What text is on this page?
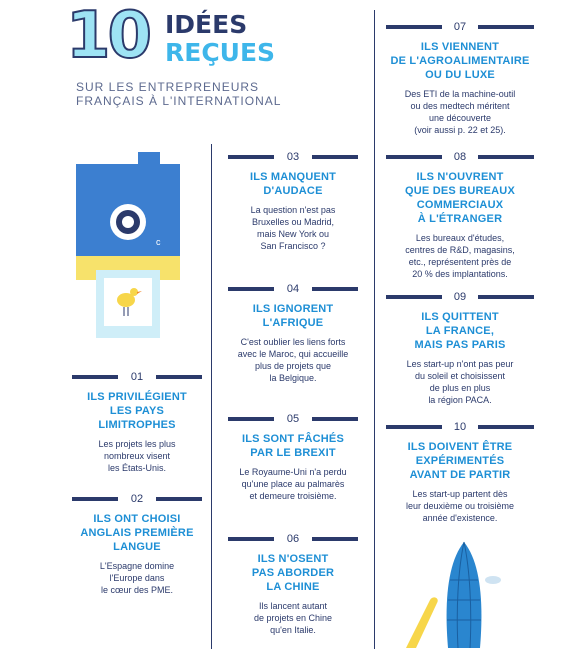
10 IDÉES
REÇUES
SUR LES ENTREPRENEURS
FRANÇAIS À L'INTERNATIONAL
c
01
ILS PRIVILÉGIENT
LES PAYS
LIMITROPHES
Les projets les plus
nombreux visent
les États-Unis.
02
ILS ONT CHOISI
ANGLAIS PREMIÈRE
LANGUE
L'Espagne domine
l'Europe dans
le cœur des PME.
03
ILS MANQUENT
D'AUDACE
La question n'est pas
Bruxelles ou Madrid,
mais New York ou
San Francisco ?
04
ILS IGNORENT
L'AFRIQUE
C'est oublier les liens forts
avec le Maroc, qui accueille
plus de projets que
la Belgique.
05
ILS SONT FÂCHÉS
PAR LE BREXIT
Le Royaume-Uni n'a perdu
qu'une place au palmarès
et demeure troisième.
06
ILS N'OSENT
PAS ABORDER
LA CHINE
Ils lancent autant
de projets en Chine
qu'en Italie.
07
ILS VIENNENT
DE L'AGROALIMENTAIRE
OU DU LUXE
Des ETI de la machine-outil
ou des medtech méritent
une découverte
(voir aussi p. 22 et 25).
08
ILS N'OUVRENT
QUE DES BUREAUX
COMMERCIAUX
À L'ÉTRANGER
Les bureaux d'études,
centres de R&D, magasins,
etc., représentent près de
20 % des implantations.
09
ILS QUITTENT
LA FRANCE,
MAIS PAS PARIS
Les start-up n'ont pas peur
du soleil et choisissent
de plus en plus
la région PACA.
10
ILS DOIVENT ÊTRE
EXPÉRIMENTÉS
AVANT DE PARTIR
Les start-up partent dès
leur deuxième ou troisième
année d'existence.
